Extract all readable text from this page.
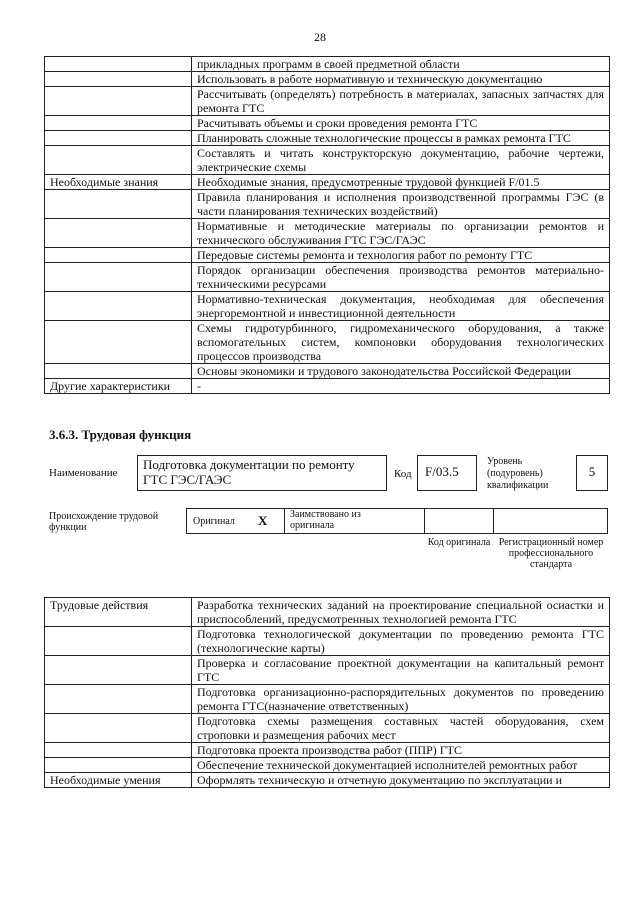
28
	прикладных программ в своей предметной области
	Использовать в работе нормативную и техническую документацию
	Рассчитывать (определять) потребность в материалах, запасных запчастях для ремонта ГТС
	Расчитывать объемы и сроки проведения ремонта ГТС
	Планировать сложные технологические процессы в рамках ремонта ГТС
	Составлять и читать конструкторскую документацию, рабочие чертежи, электрические схемы
Необходимые знания	Необходимые знания, предусмотренные трудовой функцией F/01.5
	Правила планирования и исполнения производственной программы ГЭС (в части планирования технических воздействий)
	Нормативные и методические материалы по организации ремонтов и технического обслуживания ГТС ГЭС/ГАЭС
	Передовые системы ремонта и технология работ по ремонту ГТС
	Порядок организации обеспечения производства ремонтов материально-техническими ресурсами
	Нормативно-техническая документация, необходимая для обеспечения энергоремонтной и инвестиционной деятельности
	Схемы гидротурбинного, гидромеханического оборудования, а также вспомогательных систем, компоновки оборудования технологических процессов производства
	Основы экономики и трудового законодательства Российской Федерации
Другие характеристики	-
3.6.3. Трудовая функция
Наименование
Подготовка документации по ремонту ГТС ГЭС/ГАЭС	Код	F/03.5
Уровень (подуровень) квалификации
5
Происхождение трудовой функции
Оригинал X Заимствовано из оригинала
Код оригинала Регистрационный номер профессионального стандарта
Трудовые действия	Разработка технических заданий на проектирование специальной осиастки и приспособлений, предусмотренных технологией ремонта ГТС
	Подготовка технологической документации по проведению ремонта ГТС (технологические карты)
	Проверка и согласование проектной документации на капитальный ремонт ГТС
	Подготовка организационно-распорядительных документов по проведению ремонта ГТС(назначение ответственных)
	Подготовка схемы размещения составных частей оборудования, схем строповки и размещения рабочих мест
	Подготовка проекта производства работ (ППР) ГТС
	Обеспечение технической документацией исполнителей ремонтных работ
Необходимые умения	Оформлять техническую и отчетную документацию по эксплуатации и
